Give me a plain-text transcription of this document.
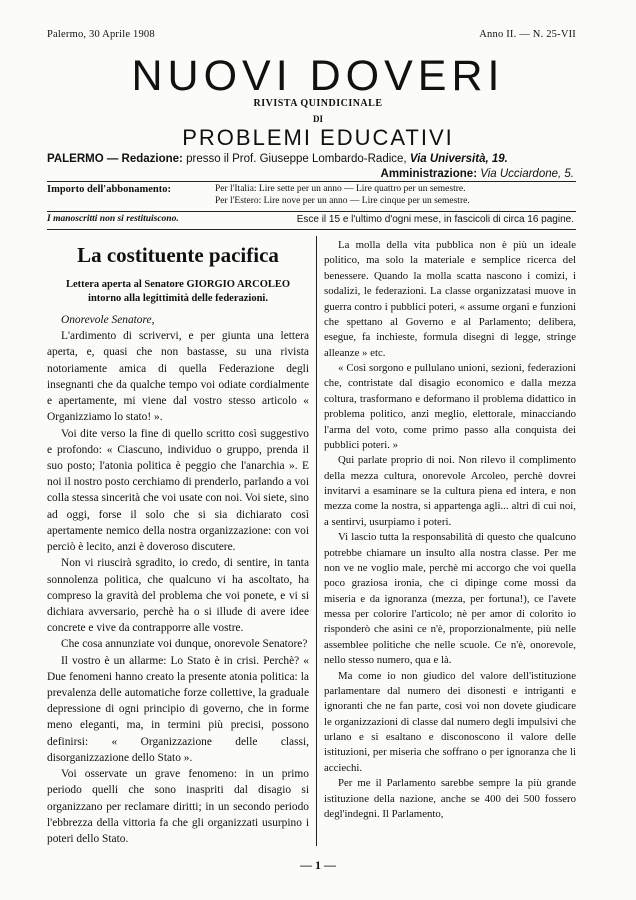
Palermo, 30 Aprile 1908	Anno II. — N. 25-VII
NUOVI DOVERI
RIVISTA QUINDICINALE
DI
PROBLEMI EDUCATIVI
PALERMO — Redazione: presso il Prof. Giuseppe Lombardo-Radice, Via Università, 19.
Amministrazione: Via Ucciardone, 5.
Importo dell'abbonamento:	Per l'Italia: Lire sette per un anno — Lire quattro per un semestre.
Per l'Estero: Lire nove per un anno — Lire cinque per un semestre.
I manoscritti non si restituiscono.	Esce il 15 e l'ultimo d'ogni mese, in fascicoli di circa 16 pagine.
La costituente pacifica
Lettera aperta al Senatore GIORGIO ARCOLEO
intorno alla legittimità delle federazioni.

Onorevole Senatore,

L'ardimento di scrivervi, e per giunta una lettera aperta, e, quasi che non bastasse, su una rivista notoriamente amica di quella Federazione degli insegnanti che da qualche tempo voi odiate cordialmente e apertamente, mi viene dal vostro stesso articolo « Organizziamo lo stato! ».

Voi dite verso la fine di quello scritto così suggestivo e profondo: « Ciascuno, individuo o gruppo, prenda il suo posto; l'atonia politica è peggio che l'anarchia ». E noi il nostro posto cerchiamo di prenderlo, parlando a voi colla stessa sincerità che voi usate con noi. Voi siete, sino ad oggi, forse il solo che si sia dichiarato così apertamente nemico della nostra organizzazione: con voi perciò è lecito, anzi è doveroso discutere.

Non vi riuscirà sgradito, io credo, di sentire, in tanta sonnolenza politica, che qualcuno vi ha ascoltato, ha compreso la gravità del problema che voi ponete, e vi si dichiara avversario, perchè ha o si illude di avere idee concrete e vive da contrapporre alle vostre.

Che cosa annunziate voi dunque, onorevole Senatore?

Il vostro è un allarme: Lo Stato è in crisi. Perchè? « Due fenomeni hanno creato la presente atonia politica: la prevalenza delle automatiche forze collettive, la graduale depressione di ogni principio di governo, che in forme meno eleganti, ma, in termini più precisi, possono definirsi: « Organizzazione delle classi, disorganizzazione dello Stato ».

Voi osservate un grave fenomeno: in un primo periodo quelli che sono inaspriti dal disagio si organizzano per reclamare diritti; in un secondo periodo l'ebbrezza della vittoria fa che gli organizzati usurpino i poteri dello Stato.

La molla della vita pubblica non è più un ideale politico, ma solo la materiale e semplice ricerca del benessere. Quando la molla scatta nascono i comizi, i sodalizi, le federazioni. La classe organizzatasi muove in guerra contro i pubblici poteri, « assume organi e funzioni che spettano al Governo e al Parlamento; delibera, esegue, fa inchieste, formula disegni di legge, stringe alleanze » etc.

« Così sorgono e pullulano unioni, sezioni, federazioni che, contristate dal disagio economico e dalla mezza coltura, trasformano e deformano il problema didattico in problema politico, anzi meglio, elettorale, minacciando l'arma del voto, come primo passo alla conquista dei pubblici poteri. »

Qui parlate proprio di noi. Non rilevo il complimento della mezza cultura, onorevole Arcoleo, perchè dovrei invitarvi a esaminare se la cultura piena ed intera, e non mezza come la nostra, si appartenga agli... altri di cui noi, a sentirvi, usurpiamo i poteri.

Vi lascio tutta la responsabilità di questo che qualcuno potrebbe chiamare un insulto alla nostra classe. Per me non ve ne voglio male, perchè mi accorgo che voi quella poco graziosa ironia, che ci dipinge come mossi da miseria e da ignoranza (mezza, per fortuna!), ce l'avete messa per colorire l'articolo; nè per amor di colorito io risponderò che asini ce n'è, proporzionalmente, più nelle assemblee politiche che nelle scuole. Ce n'è, onorevole, nello stesso numero, qua e là.

Ma come io non giudico del valore dell'istituzione parlamentare dal numero dei disonesti e intriganti e ignoranti che ne fan parte, così voi non dovete giudicare le organizzazioni di classe dal numero degli impulsivi che urlano e si esaltano e disconoscono il valore delle istituzioni, per miseria che soffrano o per ignoranza che li acciechi.

Per me il Parlamento sarebbe sempre la più grande istituzione della nazione, anche se 400 dei 500 fossero degl'indegni. Il Parlamento,

— 1 —
